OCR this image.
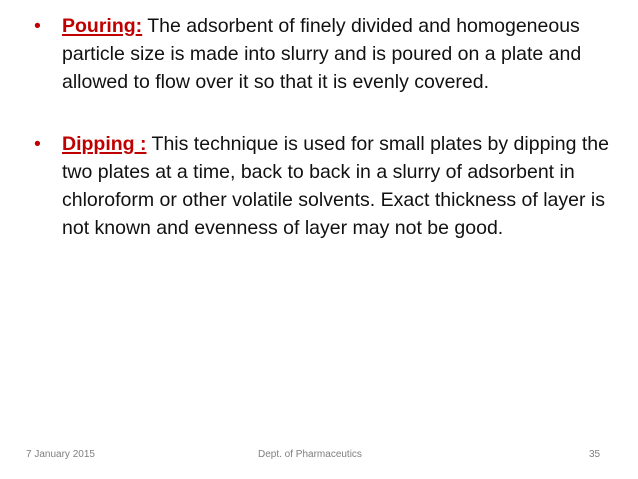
• Pouring: The adsorbent of finely divided and homogeneous particle size is made into slurry and is poured on a plate and allowed to flow over it so that it is evenly covered.
• Dipping : This technique is used for small plates by dipping the two plates at a time, back to back in a slurry of adsorbent in chloroform or other volatile solvents. Exact thickness of layer is not known and evenness of layer may not be good.
7 January 2015	Dept. of Pharmaceutics	35
